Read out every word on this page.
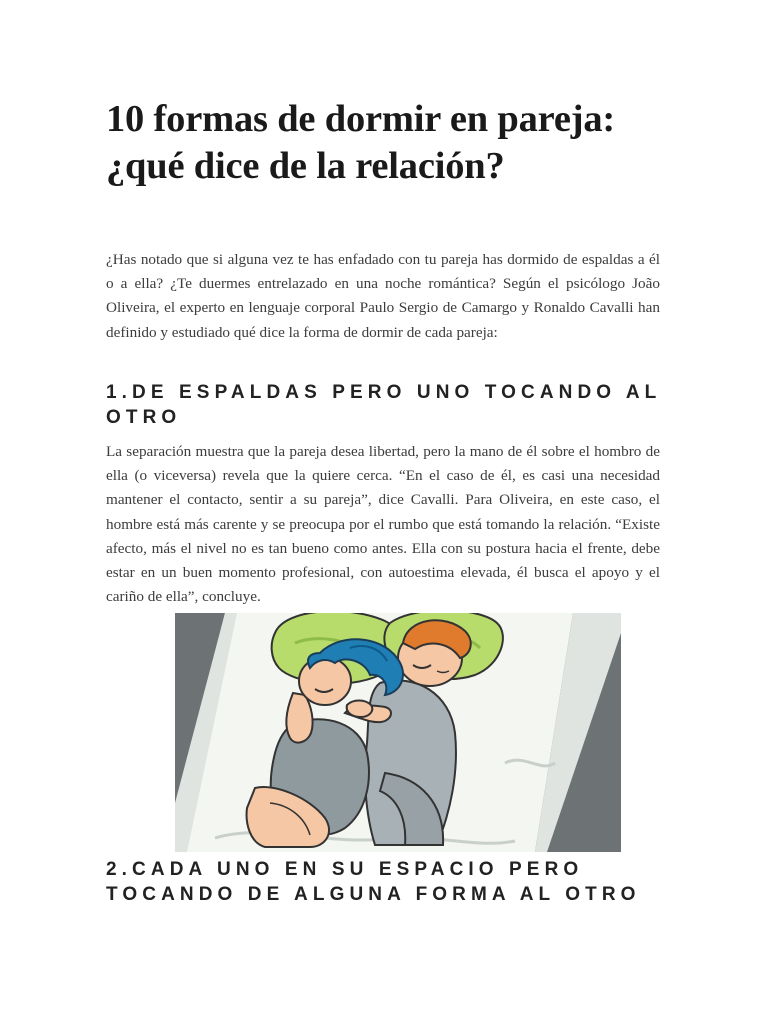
10 formas de dormir en pareja:
¿qué dice de la relación?

¿Has notado que si alguna vez te has enfadado con tu pareja has dormido de espaldas a él o a ella? ¿Te duermes entrelazado en una noche romántica? Según el psicólogo João Oliveira, el experto en lenguaje corporal Paulo Sergio de Camargo y Ronaldo Cavalli han definido y estudiado qué dice la forma de dormir de cada pareja:

1.DE ESPALDAS PERO UNO TOCANDO AL
OTRO

La separación muestra que la pareja desea libertad, pero la mano de él sobre el hombro de ella (o viceversa) revela que la quiere cerca. “En el caso de él, es casi una necesidad mantener el contacto, sentir a su pareja”, dice Cavalli. Para Oliveira, en este caso, el hombre está más carente y se preocupa por el rumbo que está tomando la relación. “Existe afecto, más el nivel no es tan bueno como antes. Ella con su postura hacia el frente, debe estar en un buen momento profesional, con autoestima elevada, él busca el apoyo y el cariño de ella”, concluye.

2.CADA UNO EN SU ESPACIO PERO
TOCANDO DE ALGUNA FORMA AL OTRO
